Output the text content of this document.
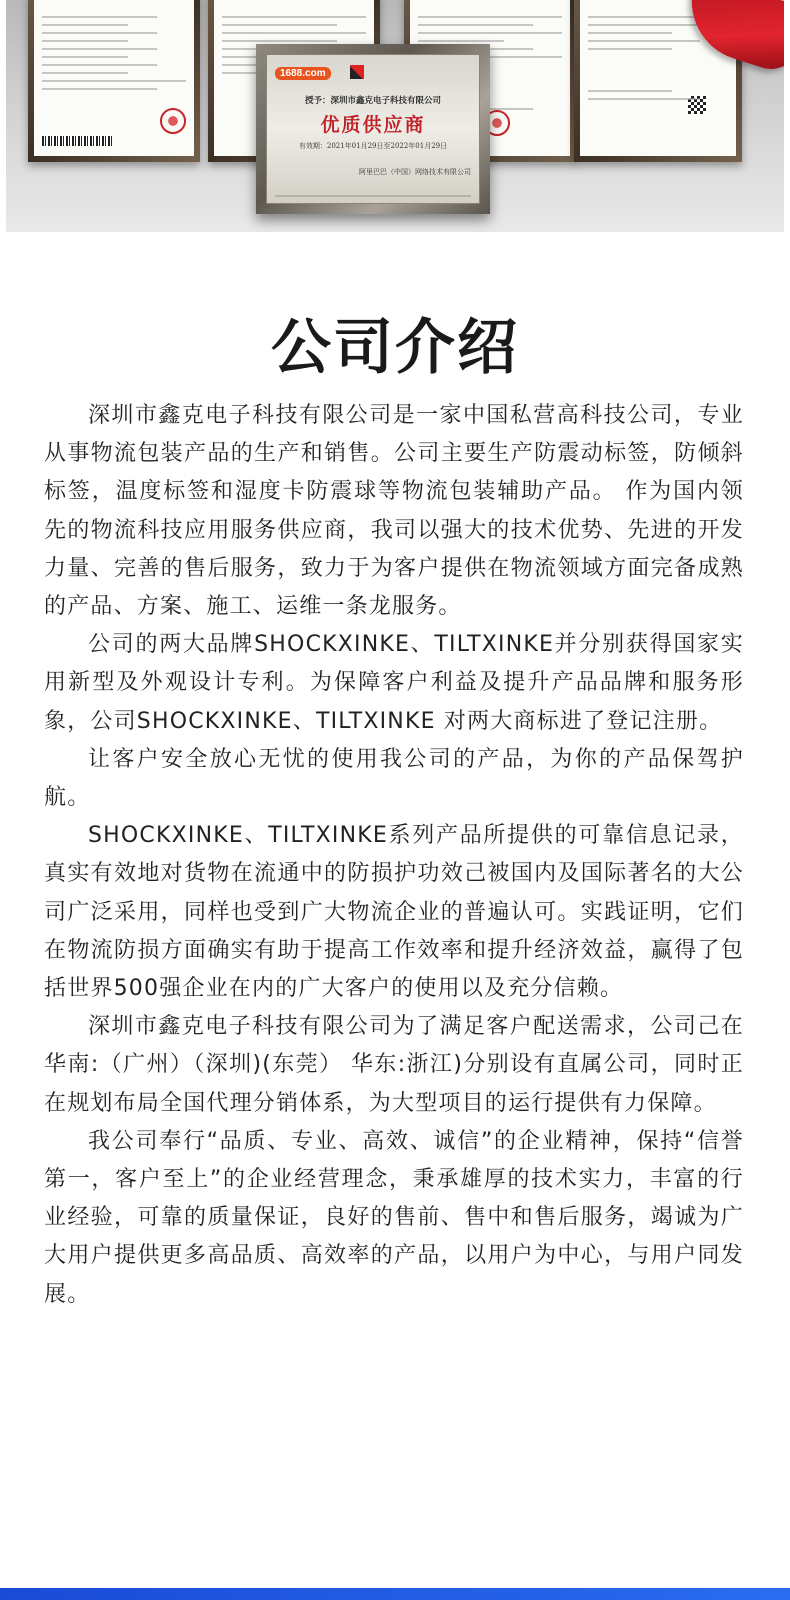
1688.com
授予：深圳市鑫克电子科技有限公司
优质供应商
有效期：2021年01月29日至2022年01月29日
阿里巴巴（中国）网络技术有限公司
公司介绍

深圳市鑫克电子科技有限公司是一家中国私营高科技公司，专业从事物流包装产品的生产和销售。公司主要生产防震动标签，防倾斜标签，温度标签和湿度卡防震球等物流包装辅助产品。 作为国内领先的物流科技应用服务供应商，我司以强大的技术优势、先进的开发力量、完善的售后服务，致力于为客户提供在物流领域方面完备成熟的产品、方案、施工、运维一条龙服务。

公司的两大品牌SHOCKXINKE、TILTXINKE并分别获得国家实用新型及外观设计专利。为保障客户利益及提升产品品牌和服务形象，公司SHOCKXINKE、TILTXINKE 对两大商标进了登记注册。

让客户安全放心无忧的使用我公司的产品，为你的产品保驾护航。

SHOCKXINKE、TILTXINKE系列产品所提供的可靠信息记录，真实有效地对货物在流通中的防损护功效己被国内及国际著名的大公司广泛采用，同样也受到广大物流企业的普遍认可。实践证明，它们在物流防损方面确实有助于提高工作效率和提升经济效益，赢得了包括世界500强企业在内的广大客户的使用以及充分信赖。

深圳市鑫克电子科技有限公司为了满足客户配送需求，公司己在华南:（广州）（深圳)(东莞） 华东:浙江)分别设有直属公司，同时正在规划布局全国代理分销体系，为大型项目的运行提供有力保障。

我公司奉行“品质、专业、高效、诚信”的企业精神，保持“信誉第一，客户至上”的企业经营理念，秉承雄厚的技术实力，丰富的行业经验，可靠的质量保证，良好的售前、售中和售后服务，竭诚为广大用户提供更多高品质、高效率的产品，以用户为中心，与用户同发展。
